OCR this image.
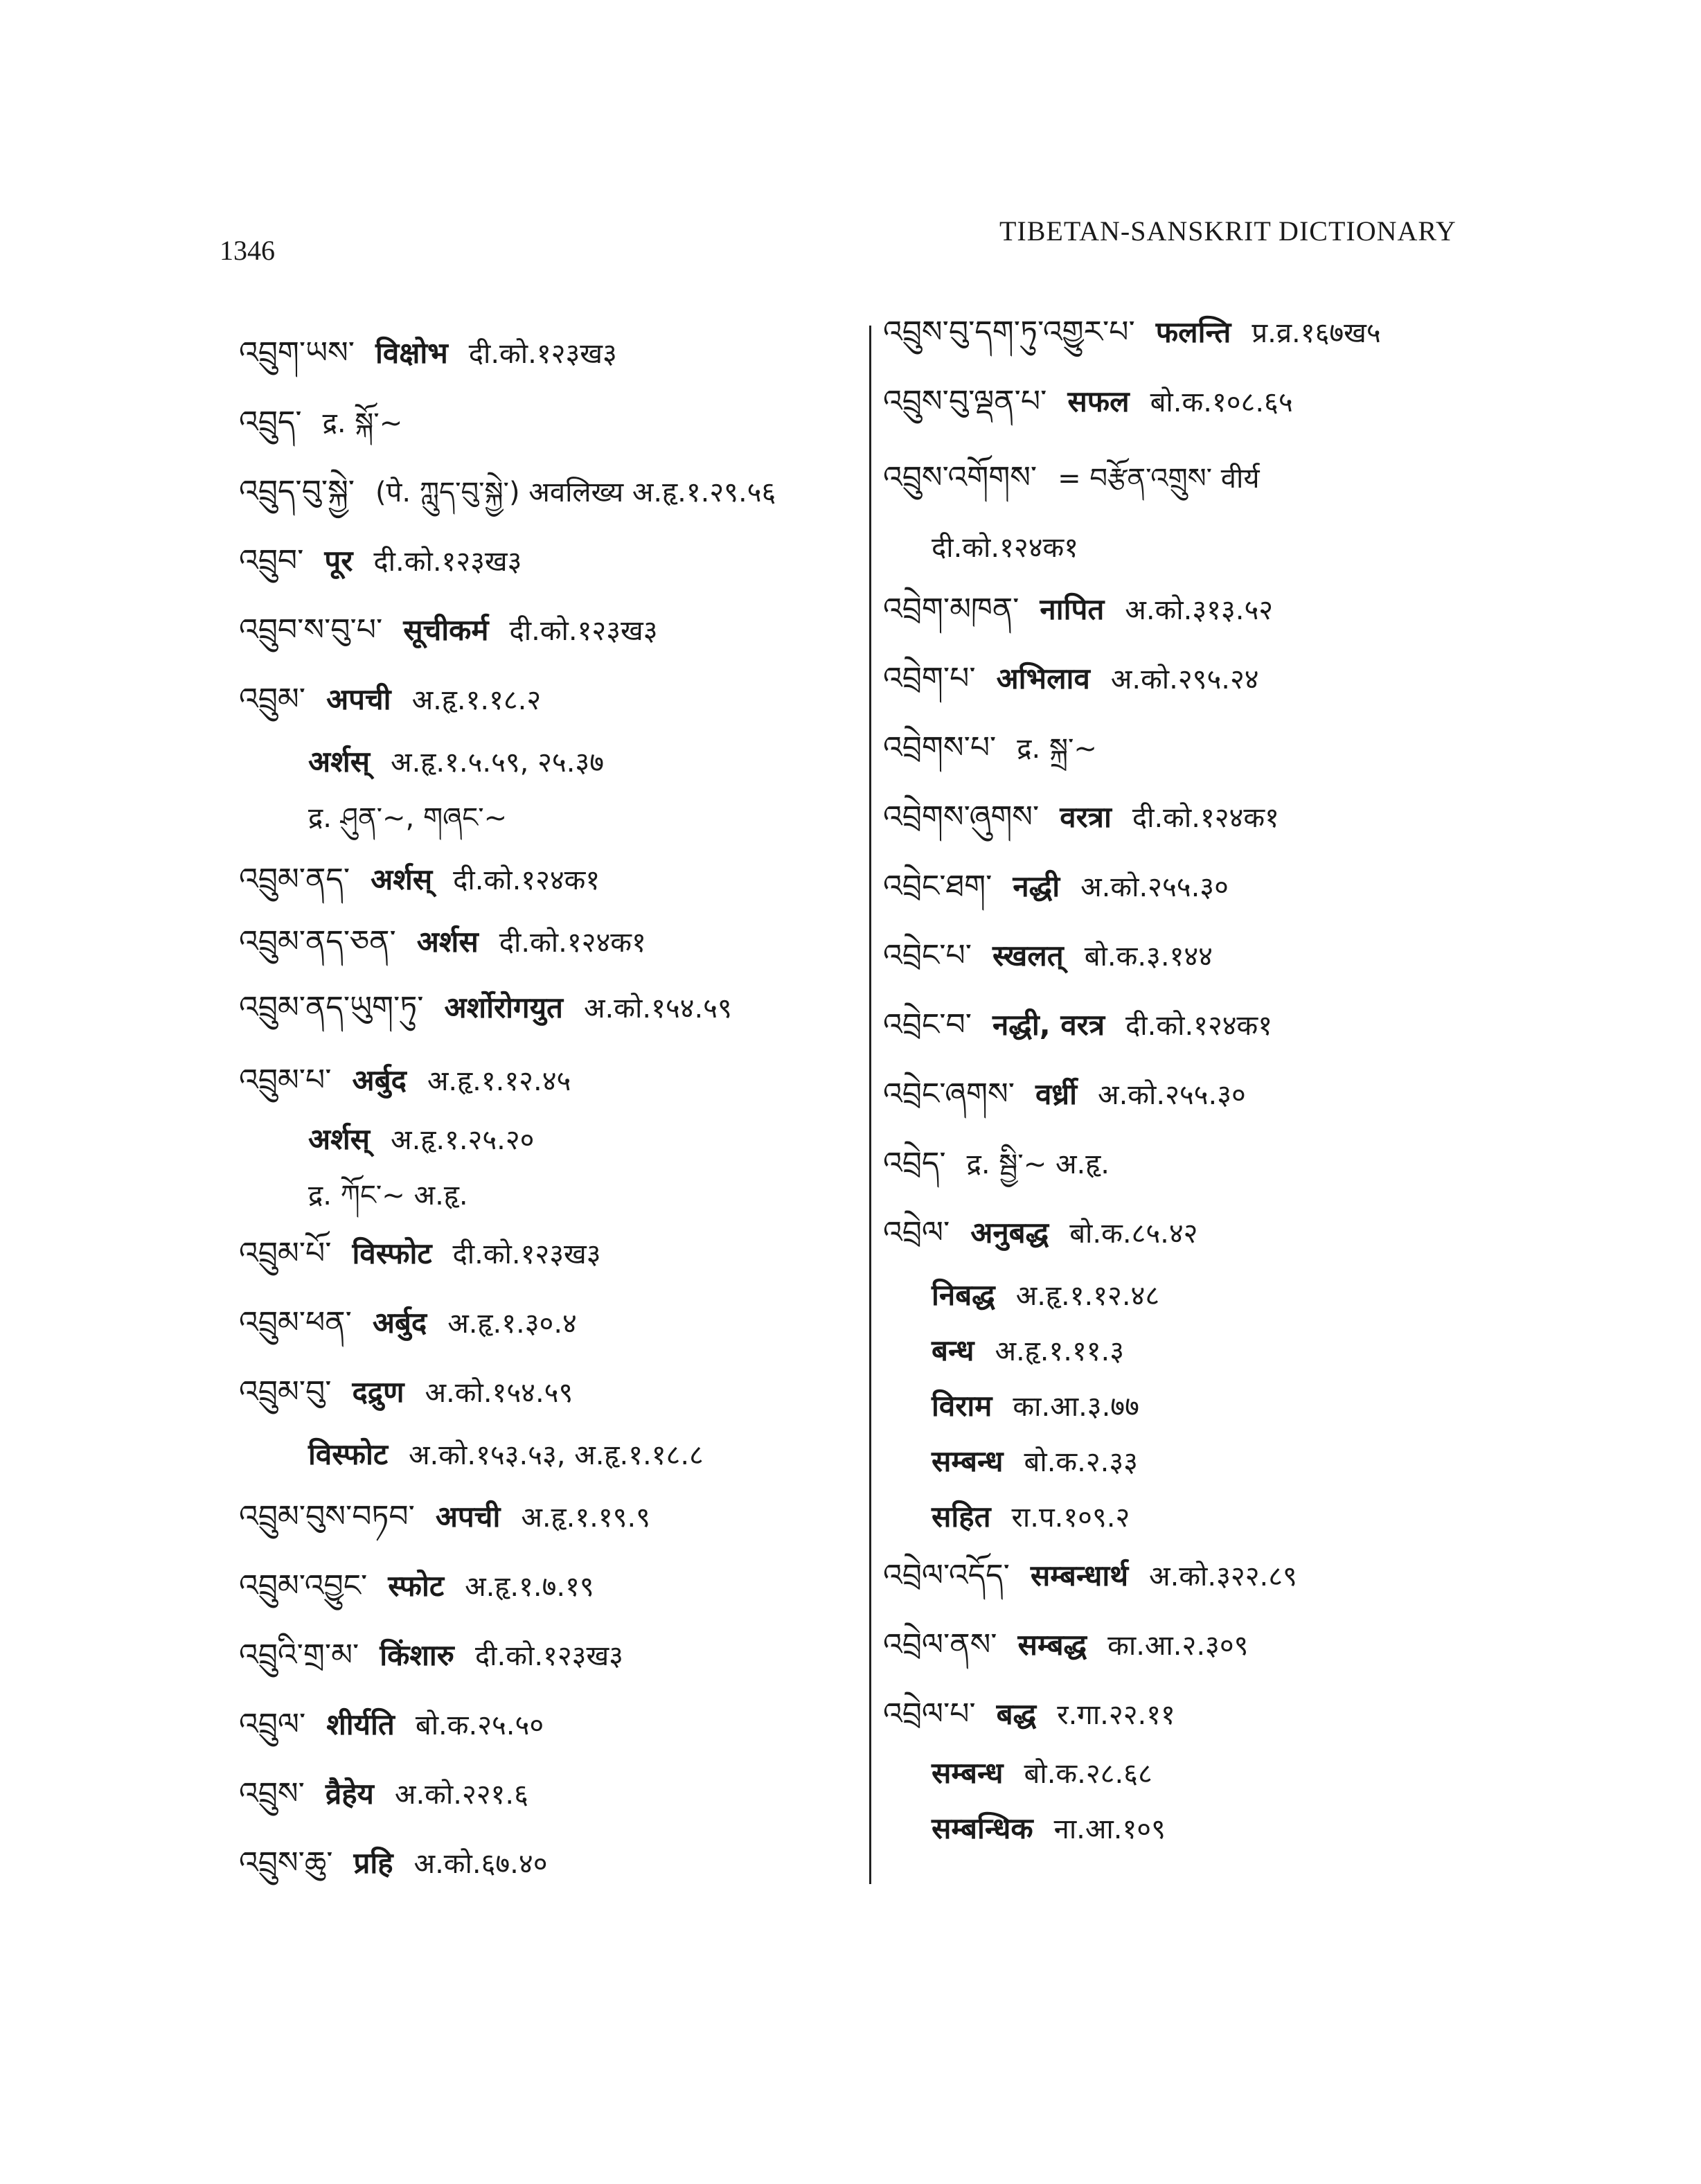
1346
TIBETAN-SANSKRIT DICTIONARY
འབྲུག་ཡས་ विक्षोभ दी.को.१२३ख३
འབྲུད་ द्र. སྐོ་~
འབྲུད་བུ་སྐྱེ་ (पे. ཀླུད་བུ་སྐྱེ་) अवलिख्य अ.हृ.१.२९.५६
འབྲུབ་ पूर दी.को.१२३ख३
འབྲུབ་ས་བུ་པ་ सूचीकर्म दी.को.१२३ख३
འབྲུམ་ अपची अ.हृ.१.१८.२
अर्शस् अ.हृ.१.५.५९, २५.३७
द्र. ཤུན་~, གཞང་~
འབྲུམ་ནད་ अर्शस् दी.को.१२४क१
འབྲུམ་ནད་ཅན་ अर्शस दी.को.१२४क१
འབྲུམ་ནད་ཡུག་ཏུ་ अर्शोरोगयुत अ.को.१५४.५९
འབྲུམ་པ་ अर्बुद अ.हृ.१.१२.४५
अर्शस् अ.हृ.१.२५.२०
द्र. ཀོང་~ अ.हृ.
འབྲུམ་པོ་ विस्फोट दी.को.१२३ख३
འབྲུམ་ཕན་ अर्बुद अ.हृ.१.३०.४
འབྲུམ་བུ་ दद्रुण अ.को.१५४.५९
विस्फोट अ.को.१५३.५३, अ.हृ.१.१८.८
འབྲུམ་བུས་བཏབ་ अपची अ.हृ.१.१९.९
འབྲུམ་འབྱུང་ स्फोट अ.हृ.१.७.१९
འབྲུའི་གྲ་མ་ किंशारु दी.को.१२३ख३
འབྲུལ་ शीर्यति बो.क.२५.५०
འབྲུས་ व्रैहेय अ.को.२२१.६
འབྲུས་ཆུ་ प्रहि अ.को.६७.४०
འབྲུས་བུ་དག་ཏུ་འགྱུར་པ་ फलन्ति प्र.व्र.१६७ख५
འབྲུས་བུ་ལྡན་པ་ सफल बो.क.१०८.६५
འབྲུས་འགོགས་ = བརྩོན་འགྲུས་ वीर्य
दी.को.१२४क१
འབྲེག་མཁན་ नापित अ.को.३१३.५२
འབྲེག་པ་ अभिलाव अ.को.२९५.२४
འབྲེགས་པ་ द्र. སྐྲ་~
འབྲེགས་ཞུགས་ वरत्रा दी.को.१२४क१
འབྲེང་ཐག་ नद्धी अ.को.२५५.३०
འབྲེང་པ་ स्खलत् बो.क.३.१४४
འབྲེང་བ་ नद्धी, वरत्र दी.को.१२४क१
འབྲེང་ཞགས་ वर्ध्री अ.को.२५५.३०
འབྲེད་ द्र. སྦྱི་~ अ.हृ.
འབྲེལ་ अनुबद्ध बो.क.८५.४२
निबद्ध अ.हृ.१.१२.४८
बन्ध अ.हृ.१.११.३
विराम का.आ.३.७७
सम्बन्ध बो.क.२.३३
सहित रा.प.१०९.२
འབྲེལ་འདོད་ सम्बन्धार्थ अ.को.३२२.८९
འབྲེལ་ནས་ सम्बद्ध का.आ.२.३०९
འབྲེལ་པ་ बद्ध र.गा.२२.११
सम्बन्ध बो.क.२८.६८
सम्बन्धिक ना.आ.१०९
